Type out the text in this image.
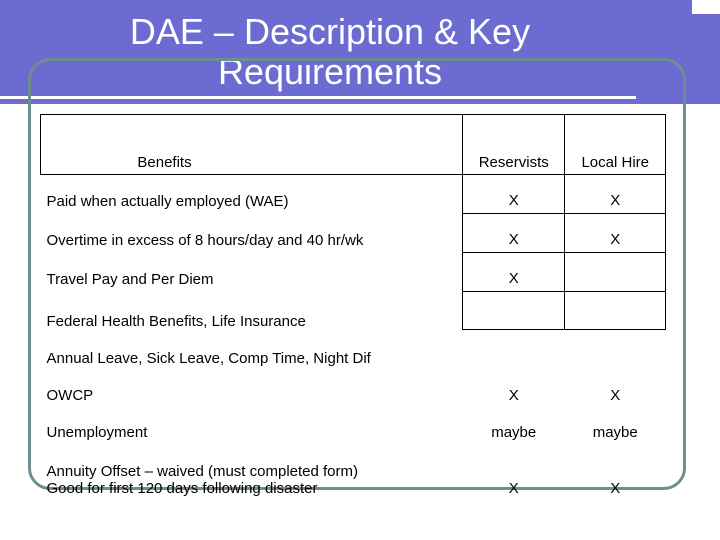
DAE – Description & Key
Requirements
Benefits	Reservists	Local Hire
Paid when actually employed (WAE)	X	X
Overtime in excess of 8 hours/day and 40 hr/wk	X	X
Travel Pay and Per Diem	X	
Federal Health Benefits, Life Insurance		
Annual Leave, Sick Leave, Comp Time, Night Dif		
OWCP	X	X
Unemployment	maybe	maybe

Annuity Offset – waived (must completed form)
Good for first 120 days following disaster	X	X
